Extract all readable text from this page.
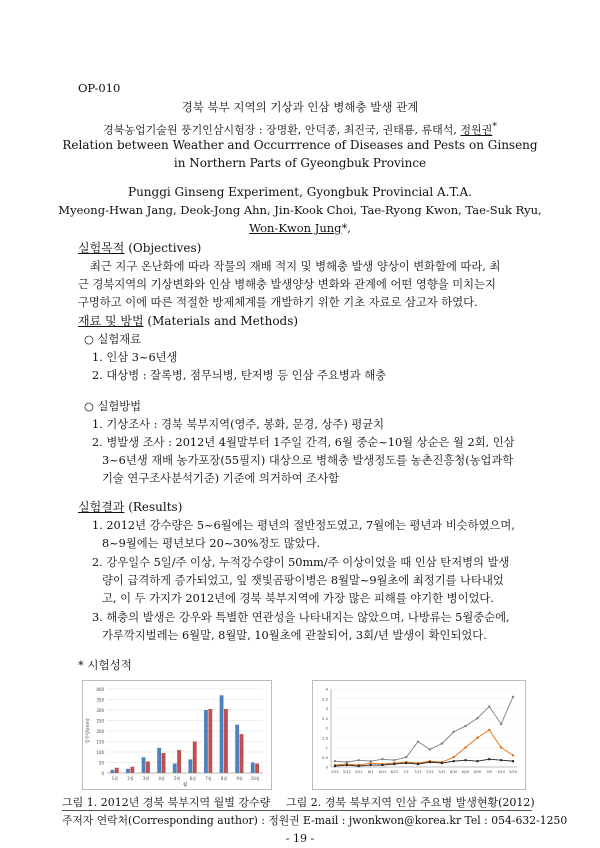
OP-010
경북 북부 지역의 기상과 인삼 병해충 발생 관계
경북농업기술원 풍기인삼시험장 : 장명환, 안덕종, 최진국, 권태룡, 류태석, 정원권*
Relation between Weather and Occurrrence of Diseases and Pests on Ginseng
in Northern Parts of Gyeongbuk Province
Punggi Ginseng Experiment, Gyongbuk Provincial A.T.A.
Myeong-Hwan Jang, Deok-Jong Ahn, Jin-Kook Choi, Tae-Ryong Kwon, Tae-Suk Ryu,
Won-Kwon Jung*,
실험목적 (Objectives)
최근 지구 온난화에 따라 작물의 재배 적지 및 병해충 발생 양상이 변화함에 따라, 최
근 경북지역의 기상변화와 인삼 병해충 발생양상 변화와 관계에 어떤 영향을 미치는지
구명하고 이에 따른 적절한 방제체계를 개발하기 위한 기초 자료로 삼고자 하였다.
재료 및 방법 (Materials and Methods)
○ 실험재료
1. 인삼 3~6년생
2. 대상병 : 잘록병, 점무늬병, 탄저병 등 인삼 주요병과 해충
○ 실험방법
1. 기상조사 : 경북 북부지역(영주, 봉화, 문경, 상주) 평균치
2. 병발생 조사 : 2012년 4월말부터 1주일 간격, 6월 중순~10월 상순은 월 2회, 인삼
3~6년생 재배 농가포장(55필지) 대상으로 병해충 발생정도를 농촌진흥청(농업과학
기술 연구조사분석기준) 기준에 의거하여 조사함
실험결과 (Results)
1. 2012년 강수량은 5~6월에는 평년의 절반정도였고, 7월에는 평년과 비슷하였으며,
8~9월에는 평년보다 20~30%정도 많았다.
2. 강우일수 5일/주 이상, 누적강수량이 50mm/주 이상이었을 때 인삼 탄저병의 발생
량이 급격하게 증가되었고, 잎 잿빛곰팡이병은 8월말~9월초에 최정기를 나타내었
고, 이 두 가지가 2012년에 경북 북부지역에 가장 많은 피해를 야기한 병이었다.
3. 해충의 발생은 강우와 특별한 연관성을 나타내지는 않았으며, 나방류는 5월중순에,
가루깍지벌레는 6월말, 8월말, 10월초에 관찰되어, 3회/년 발생이 확인되었다.
* 시험성적
0
50
100
150
200
250
300
350
400
1월 2월 3월 4월 5월 6월 7월 8월 9월 10월
월
강수량(mm)
0
0.5
1
1.5
2
2.5
3
3.5
4
5/22 5/12 5/22 6/1 6/11 6/21 7/1 7/11 7/21 7/31 8/10 8/20 8/30 9/9 9/19 9/29
그림 1. 2012년 경북 북부지역 월별 강수량 그림 2. 경북 북부지역 인삼 주요병 발생현황(2012)
주저자 연락처(Corresponding author) : 정원권 E-mail : jwonkwon@korea.kr Tel : 054-632-1250
- 19 -
